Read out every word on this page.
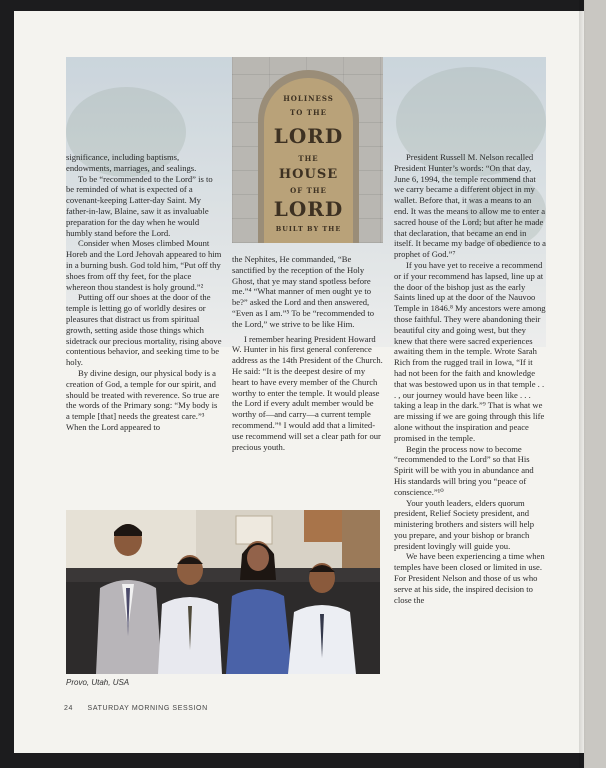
HOLINESS
TO THE
LORD
THE
HOUSE
OF THE
LORD
BUILT BY THE

significance, including baptisms, endowments, marriages, and sealings.

To be “recommended to the Lord” is to be reminded of what is expected of a covenant-keeping Latter-day Saint. My father-in-law, Blaine, saw it as invaluable preparation for the day when he would humbly stand before the Lord.

Consider when Moses climbed Mount Horeb and the Lord Jehovah appeared to him in a burning bush. God told him, “Put off thy shoes from off thy feet, for the place whereon thou standest is holy ground.”²

Putting off our shoes at the door of the temple is letting go of worldly desires or pleasures that distract us from spiritual growth, setting aside those things which sidetrack our precious mortality, rising above contentious behavior, and seeking time to be holy.

By divine design, our physical body is a creation of God, a temple for our spirit, and should be treated with reverence. So true are the words of the Primary song: “My body is a temple [that] needs the greatest care.”³ When the Lord appeared to

the Nephites, He commanded, “Be sanctified by the reception of the Holy Ghost, that ye may stand spotless before me.”⁴ “What manner of men ought ye to be?” asked the Lord and then answered, “Even as I am.”⁵ To be “recommended to the Lord,” we strive to be like Him.

I remember hearing President Howard W. Hunter in his first general conference address as the 14th President of the Church. He said: “It is the deepest desire of my heart to have every member of the Church worthy to enter the temple. It would please the Lord if every adult member would be worthy of—and carry—a current temple recommend.”⁶ I would add that a limited-use recommend will set a clear path for our precious youth.

President Russell M. Nelson recalled President Hunter’s words: “On that day, June 6, 1994, the temple recommend that we carry became a different object in my wallet. Before that, it was a means to an end. It was the means to allow me to enter a sacred house of the Lord; but after he made that declaration, that became an end in itself. It became my badge of obedience to a prophet of God.”⁷

If you have yet to receive a recommend or if your recommend has lapsed, line up at the door of the bishop just as the early Saints lined up at the door of the Nauvoo Temple in 1846.⁸ My ancestors were among those faithful. They were abandoning their beautiful city and going west, but they knew that there were sacred experiences awaiting them in the temple. Wrote Sarah Rich from the rugged trail in Iowa, “If it had not been for the faith and knowledge that was bestowed upon us in that temple . . . , our journey would have been like . . . taking a leap in the dark.”⁹ That is what we are missing if we are going through this life alone without the inspiration and peace promised in the temple.

Begin the process now to become “recommended to the Lord” so that His Spirit will be with you in abundance and His standards will bring you “peace of conscience.”¹⁰

Your youth leaders, elders quorum president, Relief Society president, and ministering brothers and sisters will help you prepare, and your bishop or branch president lovingly will guide you.

We have been experiencing a time when temples have been closed or limited in use. For President Nelson and those of us who serve at his side, the inspired decision to close the

Provo, Utah, USA
24 SATURDAY MORNING SESSION
